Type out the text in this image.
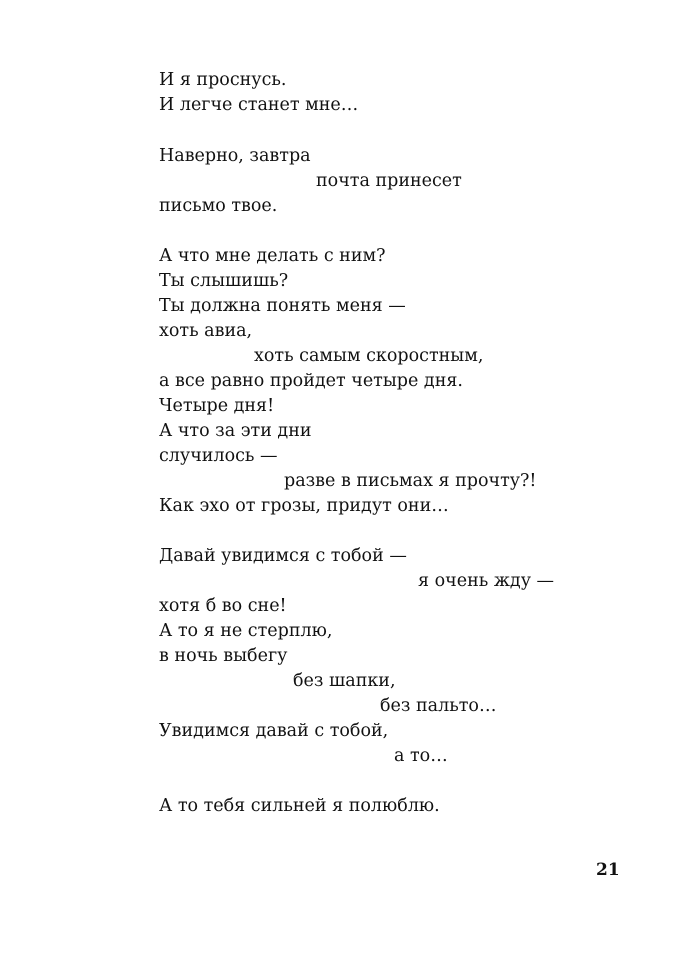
И я проснусь.
И легче станет мне…
Наверно, завтра
почта принесет
письмо твое.
А что мне делать с ним?
Ты слышишь?
Ты должна понять меня —
хоть авиа,
хоть самым скоростным,
а все равно пройдет четыре дня.
Четыре дня!
А что за эти дни
случилось —
разве в письмах я прочту?!
Как эхо от грозы, придут они…
Давай увидимся с тобой —
я очень жду —
хотя б во сне!
А то я не стерплю,
в ночь выбегу
без шапки,
без пальто…
Увидимся давай с тобой,
а то…
А то тебя сильней я полюблю.
21
